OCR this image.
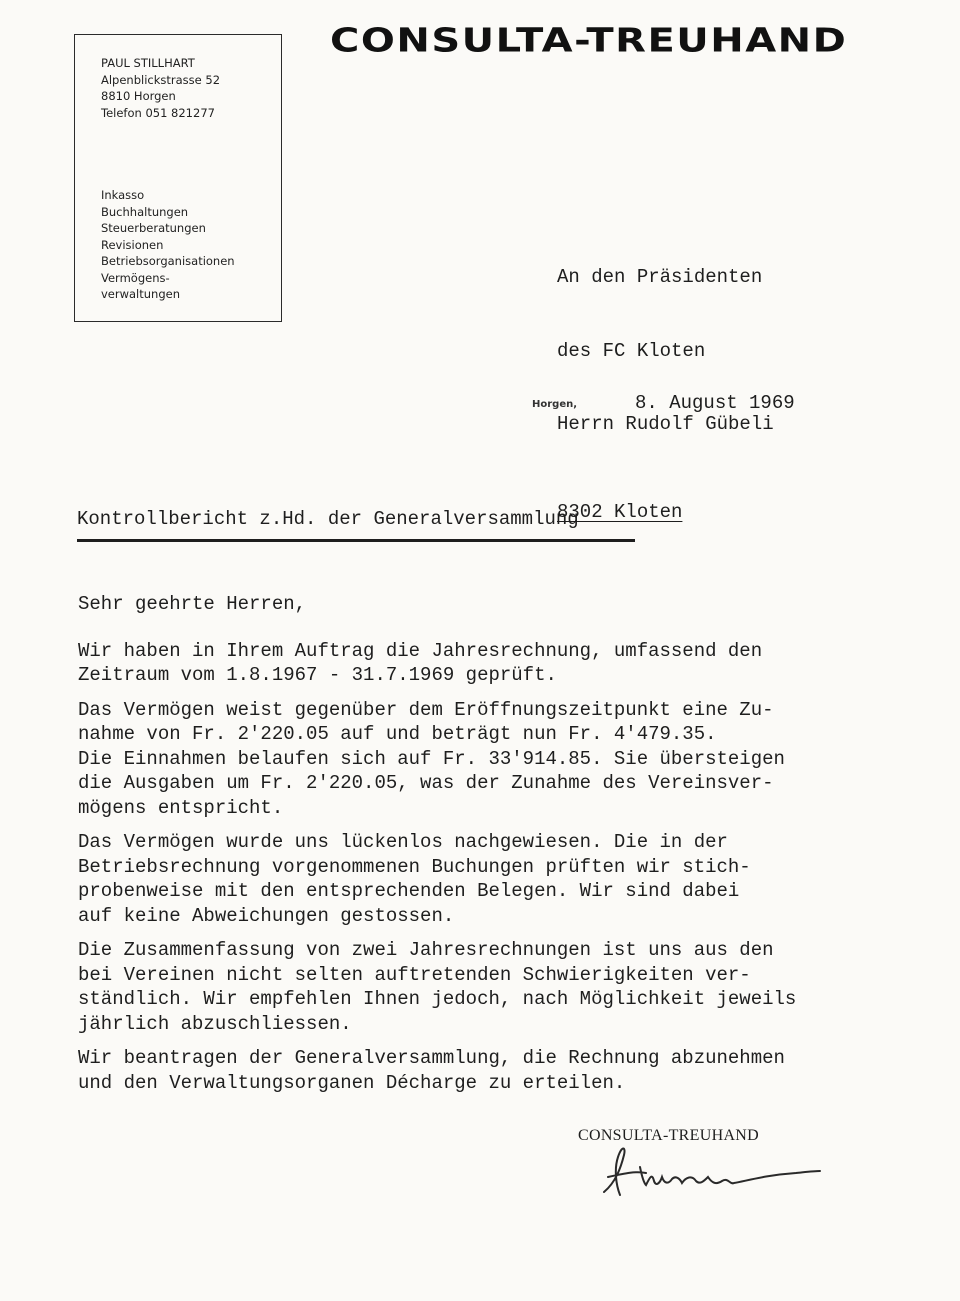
PAUL STILLHART
Alpenblickstrasse 52
8810 Horgen
Telefon 051 821277
Inkasso
Buchhaltungen
Steuerberatungen
Revisionen
Betriebsorganisationen
Vermögens-
verwaltungen
CONSULTA-TREUHAND

An den Präsidenten

des FC Kloten

Herrn Rudolf Gübeli

8302 Kloten

Horgen,	8. August 1969
Kontrollbericht z.Hd. der Generalversammlung
Sehr geehrte Herren,
Wir haben in Ihrem Auftrag die Jahresrechnung, umfassend den
Zeitraum vom 1.8.1967 - 31.7.1969 geprüft.
Das Vermögen weist gegenüber dem Eröffnungszeitpunkt eine Zu-
nahme von Fr. 2'220.05 auf und beträgt nun Fr. 4'479.35.
Die Einnahmen belaufen sich auf Fr. 33'914.85. Sie übersteigen
die Ausgaben um Fr. 2'220.05, was der Zunahme des Vereinsver-
mögens entspricht.
Das Vermögen wurde uns lückenlos nachgewiesen. Die in der
Betriebsrechnung vorgenommenen Buchungen prüften wir stich-
probenweise mit den entsprechenden Belegen. Wir sind dabei
auf keine Abweichungen gestossen.
Die Zusammenfassung von zwei Jahresrechnungen ist uns aus den
bei Vereinen nicht selten auftretenden Schwierigkeiten ver-
ständlich. Wir empfehlen Ihnen jedoch, nach Möglichkeit jeweils
jährlich abzuschliessen.
Wir beantragen der Generalversammlung, die Rechnung abzunehmen
und den Verwaltungsorganen Décharge zu erteilen.
CONSULTA-TREUHAND
